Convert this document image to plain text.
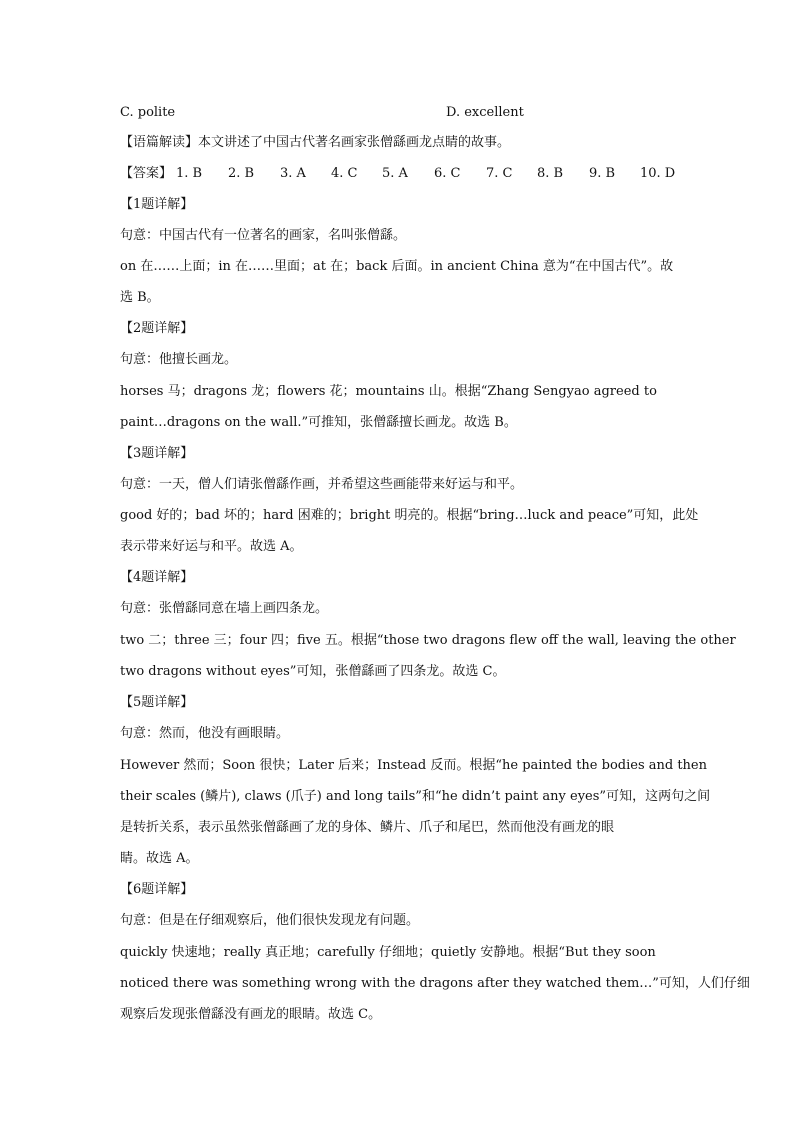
C. polite	D. excellent
【语篇解读】本文讲述了中国古代著名画家张僧繇画龙点睛的故事。
【答案】 1. B 2. B 3. A 4. C 5. A 6. C 7. C 8. B 9. B 10. D
【1题详解】
句意：中国古代有一位著名的画家，名叫张僧繇。
on 在……上面；in 在……里面；at 在；back 后面。in ancient China 意为“在中国古代”。故
选 B。
【2题详解】
句意：他擅长画龙。
horses 马；dragons 龙；flowers 花；mountains 山。根据“Zhang Sengyao agreed to
paint…dragons on the wall.”可推知，张僧繇擅长画龙。故选 B。
【3题详解】
句意：一天，僧人们请张僧繇作画，并希望这些画能带来好运与和平。
good 好的；bad 坏的；hard 困难的；bright 明亮的。根据“bring…luck and peace”可知，此处
表示带来好运与和平。故选 A。
【4题详解】
句意：张僧繇同意在墙上画四条龙。
two 二；three 三；four 四；five 五。根据“those two dragons flew off the wall, leaving the other
two dragons without eyes”可知，张僧繇画了四条龙。故选 C。
【5题详解】
句意：然而，他没有画眼睛。
However 然而；Soon 很快；Later 后来；Instead 反而。根据“he painted the bodies and then
their scales (鳞片), claws (爪子) and long tails”和“he didn’t paint any eyes”可知，这两句之间
是转折关系，表示虽然张僧繇画了龙的身体、鳞片、爪子和尾巴，然而他没有画龙的眼
睛。故选 A。
【6题详解】
句意：但是在仔细观察后，他们很快发现龙有问题。
quickly 快速地；really 真正地；carefully 仔细地；quietly 安静地。根据“But they soon
noticed there was something wrong with the dragons after they watched them…”可知，人们仔细
观察后发现张僧繇没有画龙的眼睛。故选 C。
